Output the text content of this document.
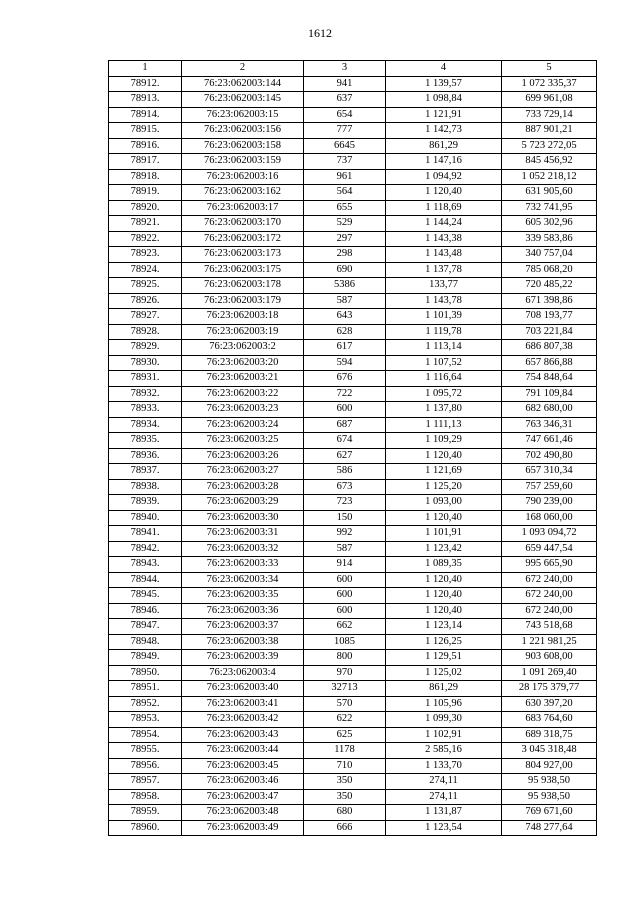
1612
1	2	3	4	5
78912.	76:23:062003:144	941	1 139,57	1 072 335,37
78913.	76:23:062003:145	637	1 098,84	699 961,08
78914.	76:23:062003:15	654	1 121,91	733 729,14
78915.	76:23:062003:156	777	1 142,73	887 901,21
78916.	76:23:062003:158	6645	861,29	5 723 272,05
78917.	76:23:062003:159	737	1 147,16	845 456,92
78918.	76:23:062003:16	961	1 094,92	1 052 218,12
78919.	76:23:062003:162	564	1 120,40	631 905,60
78920.	76:23:062003:17	655	1 118,69	732 741,95
78921.	76:23:062003:170	529	1 144,24	605 302,96
78922.	76:23:062003:172	297	1 143,38	339 583,86
78923.	76:23:062003:173	298	1 143,48	340 757,04
78924.	76:23:062003:175	690	1 137,78	785 068,20
78925.	76:23:062003:178	5386	133,77	720 485,22
78926.	76:23:062003:179	587	1 143,78	671 398,86
78927.	76:23:062003:18	643	1 101,39	708 193,77
78928.	76:23:062003:19	628	1 119,78	703 221,84
78929.	76:23:062003:2	617	1 113,14	686 807,38
78930.	76:23:062003:20	594	1 107,52	657 866,88
78931.	76:23:062003:21	676	1 116,64	754 848,64
78932.	76:23:062003:22	722	1 095,72	791 109,84
78933.	76:23:062003:23	600	1 137,80	682 680,00
78934.	76:23:062003:24	687	1 111,13	763 346,31
78935.	76:23:062003:25	674	1 109,29	747 661,46
78936.	76:23:062003:26	627	1 120,40	702 490,80
78937.	76:23:062003:27	586	1 121,69	657 310,34
78938.	76:23:062003:28	673	1 125,20	757 259,60
78939.	76:23:062003:29	723	1 093,00	790 239,00
78940.	76:23:062003:30	150	1 120,40	168 060,00
78941.	76:23:062003:31	992	1 101,91	1 093 094,72
78942.	76:23:062003:32	587	1 123,42	659 447,54
78943.	76:23:062003:33	914	1 089,35	995 665,90
78944.	76:23:062003:34	600	1 120,40	672 240,00
78945.	76:23:062003:35	600	1 120,40	672 240,00
78946.	76:23:062003:36	600	1 120,40	672 240,00
78947.	76:23:062003:37	662	1 123,14	743 518,68
78948.	76:23:062003:38	1085	1 126,25	1 221 981,25
78949.	76:23:062003:39	800	1 129,51	903 608,00
78950.	76:23:062003:4	970	1 125,02	1 091 269,40
78951.	76:23:062003:40	32713	861,29	28 175 379,77
78952.	76:23:062003:41	570	1 105,96	630 397,20
78953.	76:23:062003:42	622	1 099,30	683 764,60
78954.	76:23:062003:43	625	1 102,91	689 318,75
78955.	76:23:062003:44	1178	2 585,16	3 045 318,48
78956.	76:23:062003:45	710	1 133,70	804 927,00
78957.	76:23:062003:46	350	274,11	95 938,50
78958.	76:23:062003:47	350	274,11	95 938,50
78959.	76:23:062003:48	680	1 131,87	769 671,60
78960.	76:23:062003:49	666	1 123,54	748 277,64
